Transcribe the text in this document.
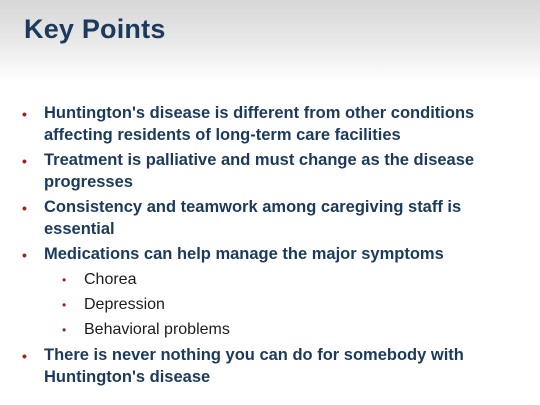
Key Points
•	Huntington's disease is different from other conditions affecting residents of long-term care facilities
•	Treatment is palliative and must change as the disease progresses
•	Consistency and teamwork among caregiving staff is essential
•	Medications can help manage the major symptoms
•	Chorea
•	Depression
•	Behavioral problems
•	There is never nothing you can do for somebody with Huntington's disease
